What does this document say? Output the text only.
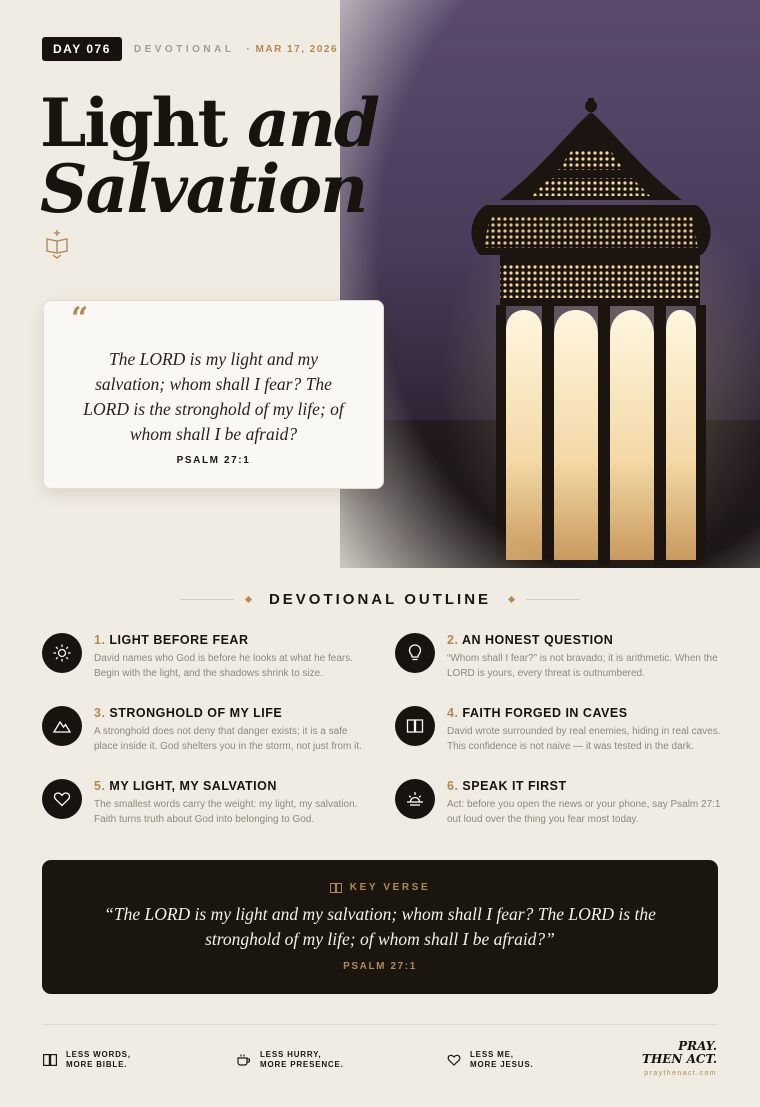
DAY 076	DEVOTIONAL · MAR 17, 2026
Light and
Salvation
“

The LORD is my light and my salvation; whom shall I fear? The LORD is the stronghold of my life; of whom shall I be afraid?

PSALM 27:1
DEVOTIONAL OUTLINE
1. LIGHT BEFORE FEAR
David names who God is before he looks at what he fears. Begin with the light, and the shadows shrink to size.
2. AN HONEST QUESTION
“Whom shall I fear?” is not bravado; it is arithmetic. When the LORD is yours, every threat is outnumbered.
3. STRONGHOLD OF MY LIFE
A stronghold does not deny that danger exists; it is a safe place inside it. God shelters you in the storm, not just from it.
4. FAITH FORGED IN CAVES
David wrote surrounded by real enemies, hiding in real caves. This confidence is not naive — it was tested in the dark.
5. MY LIGHT, MY SALVATION
The smallest words carry the weight: my light, my salvation. Faith turns truth about God into belonging to God.
6. SPEAK IT FIRST
Act: before you open the news or your phone, say Psalm 27:1 out loud over the thing you fear most today.
KEY VERSE

“The LORD is my light and my salvation; whom shall I fear? The LORD is the stronghold of my life; of whom shall I be afraid?”

PSALM 27:1
LESS WORDS,
MORE BIBLE.
LESS HURRY,
MORE PRESENCE.
LESS ME,
MORE JESUS.
PRAY.
THEN ACT.
praythenact.com
